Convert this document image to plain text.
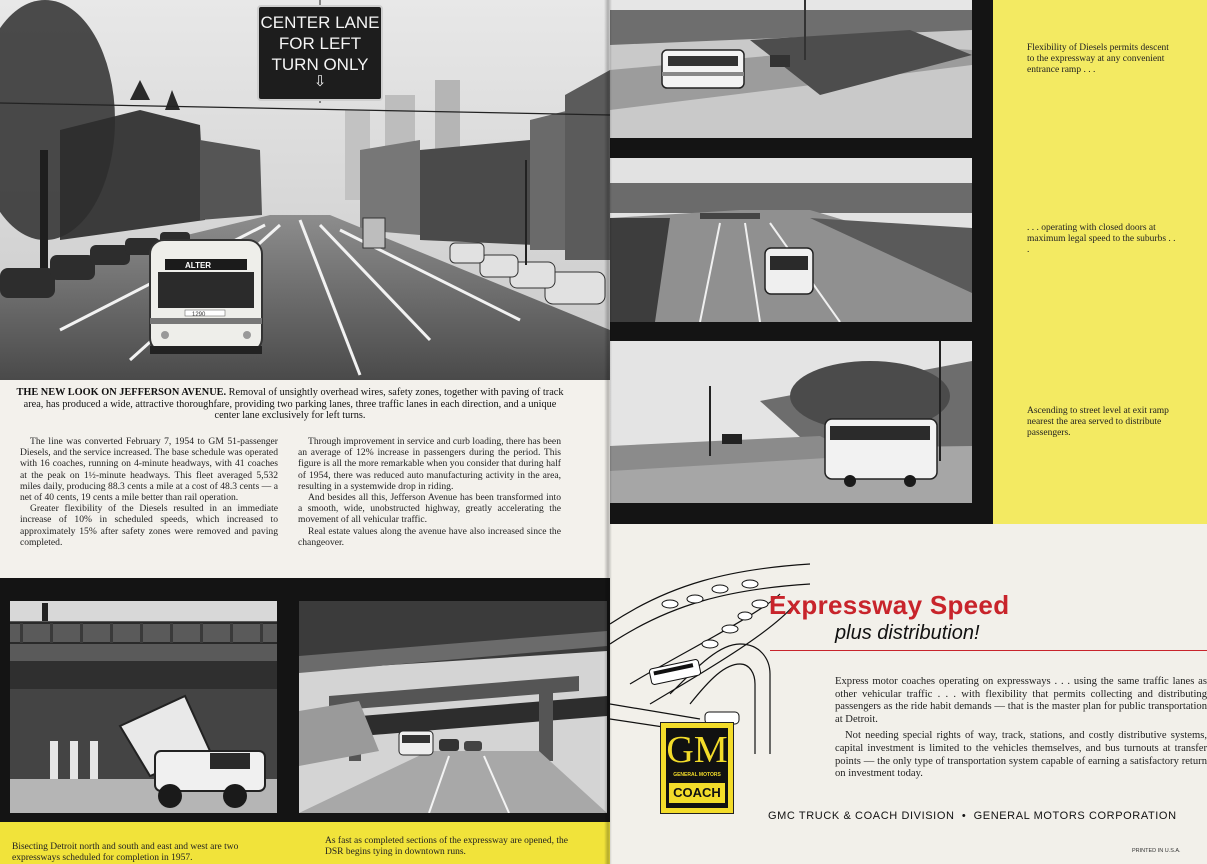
ALTER
1290
CENTER LANE
FOR LEFT
TURN ONLY
⇩
THE NEW LOOK ON JEFFERSON AVENUE. Removal of unsightly overhead wires, safety zones, together with paving of track area, has produced a wide, attractive thoroughfare, providing two parking lanes, three traffic lanes in each direction, and a unique center lane exclusively for left turns.

The line was converted February 7, 1954 to GM 51-passenger Diesels, and the service increased. The base schedule was operated with 16 coaches, running on 4-minute headways, with 41 coaches at the peak on 1½-minute headways. This fleet averaged 5,532 miles daily, producing 88.3 cents a mile at a cost of 48.3 cents — a net of 40 cents, 19 cents a mile better than rail operation.

Greater flexibility of the Diesels resulted in an immediate increase of 10% in scheduled speeds, which increased to approximately 15% after safety zones were removed and paving completed.

Through improvement in service and curb loading, there has been an average of 12% increase in passengers during the period. This figure is all the more remarkable when you consider that during half of 1954, there was reduced auto manufacturing activity in the area, resulting in a systemwide drop in riding.

And besides all this, Jefferson Avenue has been transformed into a smooth, wide, unobstructed highway, greatly accelerating the movement of all vehicular traffic.

Real estate values along the avenue have also increased since the changeover.

Bisecting Detroit north and south and east and west are two expressways scheduled for completion in 1957.
As fast as completed sections of the expressway are opened, the DSR begins tying in downtown runs.
Flexibility of Diesels permits descent to the expressway at any convenient entrance ramp . . .
. . . operating with closed doors at maximum legal speed to the suburbs . . .
Ascending to street level at exit ramp nearest the area served to distribute passengers.
Expressway Speed
plus distribution!

Express motor coaches operating on expressways . . . using the same traffic lanes as other vehicular traffic . . . with flexibility that permits collecting and distributing passengers as the ride habit demands — that is the master plan for public transportation at Detroit.

Not needing special rights of way, track, stations, and costly distributive systems, capital investment is limited to the vehicles themselves, and bus turnouts at transfer points — the only type of transportation system capable of earning a satisfactory return on investment today.

GM
GENERAL MOTORS
COACH
GMC TRUCK & COACH DIVISION  •  GENERAL MOTORS CORPORATION
PRINTED IN U.S.A.
